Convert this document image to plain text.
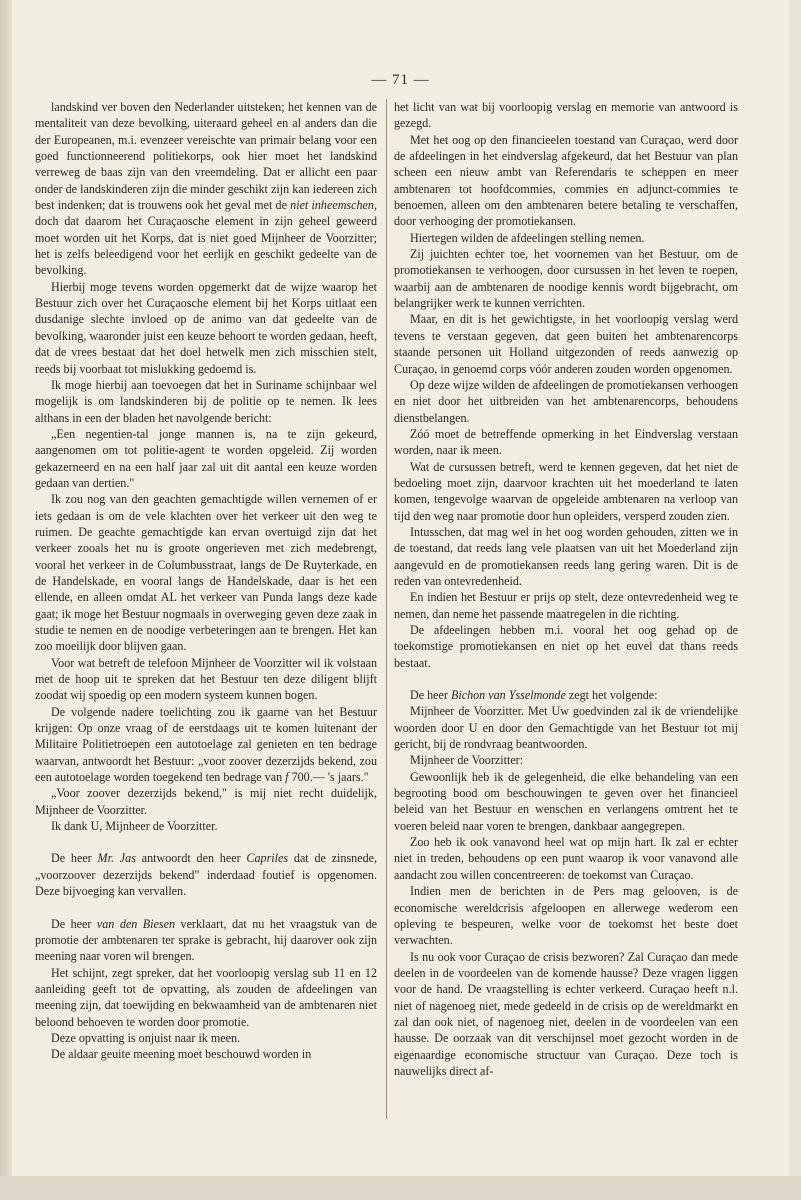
— 71 —

landskind ver boven den Nederlander uitsteken; het kennen van de mentaliteit van deze bevolking, uiteraard geheel en al anders dan die der Europeanen, m.i. evenzeer vereischte van primair belang voor een goed functionneerend politiekorps, ook hier moet het landskind verreweg de baas zijn van den vreemdeling. Dat er allicht een paar onder de landskinderen zijn die minder geschikt zijn kan iedereen zich best indenken; dat is trouwens ook het geval met de niet inheemschen, doch dat daarom het Curaçaosche element in zijn geheel geweerd moet worden uit het Korps, dat is niet goed Mijnheer de Voorzitter; het is zelfs beleedigend voor het eerlijk en geschikt gedeelte van de bevolking.

Hierbij moge tevens worden opgemerkt dat de wijze waarop het Bestuur zich over het Curaçaosche element bij het Korps uitlaat een dusdanige slechte invloed op de animo van dat gedeelte van de bevolking, waaronder juist een keuze behoort te worden gedaan, heeft, dat de vrees bestaat dat het doel hetwelk men zich misschien stelt, reeds bij voorbaat tot mislukking gedoemd is.

Ik moge hierbij aan toevoegen dat het in Suriname schijnbaar wel mogelijk is om landskinderen bij de politie op te nemen. Ik lees althans in een der bladen het navolgende bericht:

„Een negentien-tal jonge mannen is, na te zijn gekeurd, aangenomen om tot politie-agent te worden opgeleid. Zij worden gekazerneerd en na een half jaar zal uit dit aantal een keuze worden gedaan van dertien."

Ik zou nog van den geachten gemachtigde willen vernemen of er iets gedaan is om de vele klachten over het verkeer uit den weg te ruimen. De geachte gemachtigde kan ervan overtuigd zijn dat het verkeer zooals het nu is groote ongerieven met zich medebrengt, vooral het verkeer in de Columbusstraat, langs de De Ruyterkade, en de Handelskade, en vooral langs de Handelskade, daar is het een ellende, en alleen omdat AL het verkeer van Punda langs deze kade gaat; ik moge het Bestuur nogmaals in overweging geven deze zaak in studie te nemen en de noodige verbeteringen aan te brengen. Het kan zoo moeilijk door blijven gaan.

Voor wat betreft de telefoon Mijnheer de Voorzitter wil ik volstaan met de hoop uit te spreken dat het Bestuur ten deze diligent blijft zoodat wij spoedig op een modern systeem kunnen bogen.

De volgende nadere toelichting zou ik gaarne van het Bestuur krijgen: Op onze vraag of de eerstdaags uit te komen luitenant der Militaire Politietroepen een autotoelage zal genieten en ten bedrage waarvan, antwoordt het Bestuur: „voor zoover dezerzijds bekend, zou een autotoelage worden toegekend ten bedrage van f 700.— 's jaars."

„Voor zoover dezerzijds bekend," is mij niet recht duidelijk, Mijnheer de Voorzitter.

Ik dank U, Mijnheer de Voorzitter.

De heer Mr. Jas antwoordt den heer Capriles dat de zinsnede, „voorzoover dezerzijds bekend" inderdaad foutief is opgenomen. Deze bijvoeging kan vervallen.

De heer van den Biesen verklaart, dat nu het vraagstuk van de promotie der ambtenaren ter sprake is gebracht, hij daarover ook zijn meening naar voren wil brengen.

Het schijnt, zegt spreker, dat het voorloopig verslag sub 11 en 12 aanleiding geeft tot de opvatting, als zouden de afdeelingen van meening zijn, dat toewijding en bekwaamheid van de ambtenaren niet beloond behoeven te worden door promotie.

Deze opvatting is onjuist naar ik meen.

De aldaar geuite meening moet beschouwd worden in

het licht van wat bij voorloopig verslag en memorie van antwoord is gezegd.

Met het oog op den financieelen toestand van Curaçao, werd door de afdeelingen in het eindverslag afgekeurd, dat het Bestuur van plan scheen een nieuw ambt van Referendaris te scheppen en meer ambtenaren tot hoofdcommies, commies en adjunct-commies te benoemen, alleen om den ambtenaren betere betaling te verschaffen, door verhooging der promotiekansen.

Hiertegen wilden de afdeelingen stelling nemen.

Zij juichten echter toe, het voornemen van het Bestuur, om de promotiekansen te verhoogen, door cursussen in het leven te roepen, waarbij aan de ambtenaren de noodige kennis wordt bijgebracht, om belangrijker werk te kunnen verrichten.

Maar, en dit is het gewichtigste, in het voorloopig verslag werd tevens te verstaan gegeven, dat geen buiten het ambtenarencorps staande personen uit Holland uitgezonden of reeds aanwezig op Curaçao, in genoemd corps vóór anderen zouden worden opgenomen.

Op deze wijze wilden de afdeelingen de promotiekansen verhoogen en niet door het uitbreiden van het ambtenarencorps, behoudens dienstbelangen.

Zóó moet de betreffende opmerking in het Eindverslag verstaan worden, naar ik meen.

Wat de cursussen betreft, werd te kennen gegeven, dat het niet de bedoeling moet zijn, daarvoor krachten uit het moederland te laten komen, tengevolge waarvan de opgeleide ambtenaren na verloop van tijd den weg naar promotie door hun opleiders, versperd zouden zien.

Intusschen, dat mag wel in het oog worden gehouden, zitten we in de toestand, dat reeds lang vele plaatsen van uit het Moederland zijn aangevuld en de promotiekansen reeds lang gering waren. Dit is de reden van ontevredenheid.

En indien het Bestuur er prijs op stelt, deze ontevredenheid weg te nemen, dan neme het passende maatregelen in die richting.

De afdeelingen hebben m.i. vooral het oog gehad op de toekomstige promotiekansen en niet op het euvel dat thans reeds bestaat.

De heer Bichon van Ysselmonde zegt het volgende:

Mijnheer de Voorzitter. Met Uw goedvinden zal ik de vriendelijke woorden door U en door den Gemachtigde van het Bestuur tot mij gericht, bij de rondvraag beantwoorden.

Mijnheer de Voorzitter:

Gewoonlijk heb ik de gelegenheid, die elke behandeling van een begrooting bood om beschouwingen te geven over het financieel beleid van het Bestuur en wenschen en verlangens omtrent het te voeren beleid naar voren te brengen, dankbaar aangegrepen.

Zoo heb ik ook vanavond heel wat op mijn hart. Ik zal er echter niet in treden, behoudens op een punt waarop ik voor vanavond alle aandacht zou willen concentreeren: de toekomst van Curaçao.

Indien men de berichten in de Pers mag gelooven, is de economische wereldcrisis afgeloopen en allerwege wederom een opleving te bespeuren, welke voor de toekomst het beste doet verwachten.

Is nu ook voor Curaçao de crisis bezworen? Zal Curaçao dan mede deelen in de voordeelen van de komende hausse? Deze vragen liggen voor de hand. De vraagstelling is echter verkeerd. Curaçao heeft n.l. niet of nagenoeg niet, mede gedeeld in de crisis op de wereldmarkt en zal dan ook niet, of nagenoeg niet, deelen in de voordeelen van een hausse. De oorzaak van dit verschijnsel moet gezocht worden in de eigenaardige economische structuur van Curaçao. Deze toch is nauwelijks direct af-
